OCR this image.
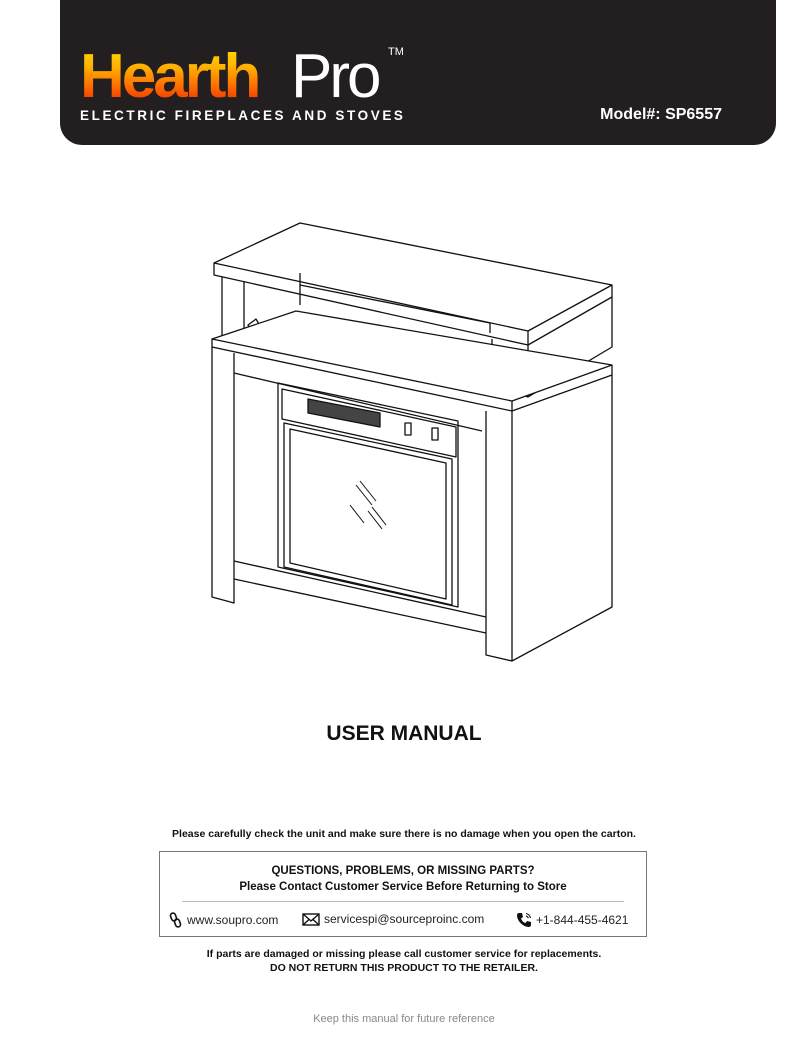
Hearth Pro TM
ELECTRIC FIREPLACES AND STOVES	Model#: SP6557
USER MANUAL
Please carefully check the unit and make sure there is no damage when you open the carton.
QUESTIONS, PROBLEMS, OR MISSING PARTS?
Please Contact Customer Service Before Returning to Store
www.soupro.com	servicespi@sourceproinc.com	+1-844-455-4621
If parts are damaged or missing please call customer service for replacements.
DO NOT RETURN THIS PRODUCT TO THE RETAILER.
Keep this manual for future reference
